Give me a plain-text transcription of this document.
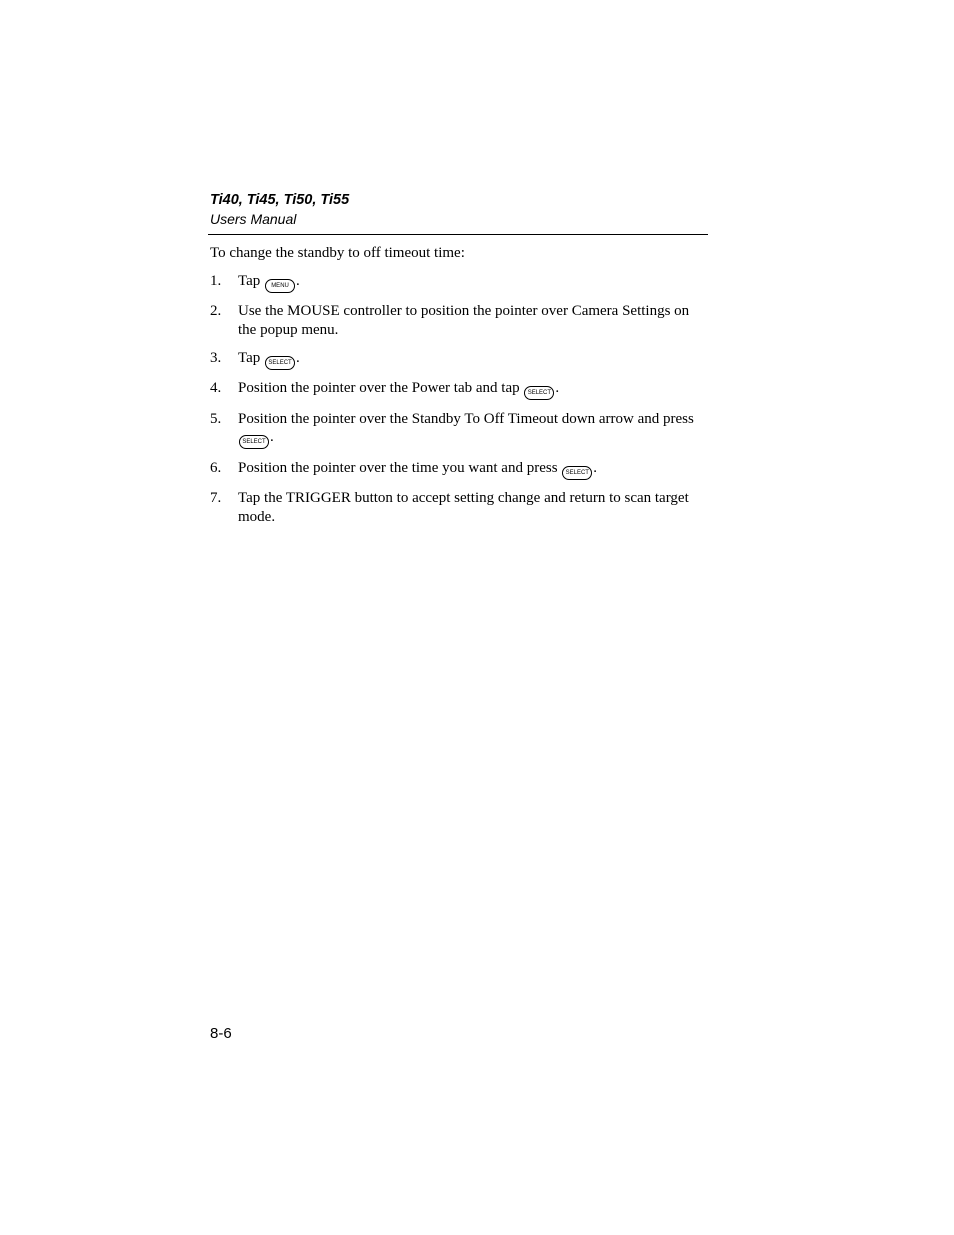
Ti40, Ti45, Ti50, Ti55
Users Manual

To change the standby to off timeout time:

1. Tap MENU .
2. Use the MOUSE controller to position the pointer over Camera Settings on the popup menu.
3. Tap SELECT .
4. Position the pointer over the Power tab and tap SELECT .
5. Position the pointer over the Standby To Off Timeout down arrow and press SELECT .
6. Position the pointer over the time you want and press SELECT .
7. Tap the TRIGGER button to accept setting change and return to scan target mode.
8-6
